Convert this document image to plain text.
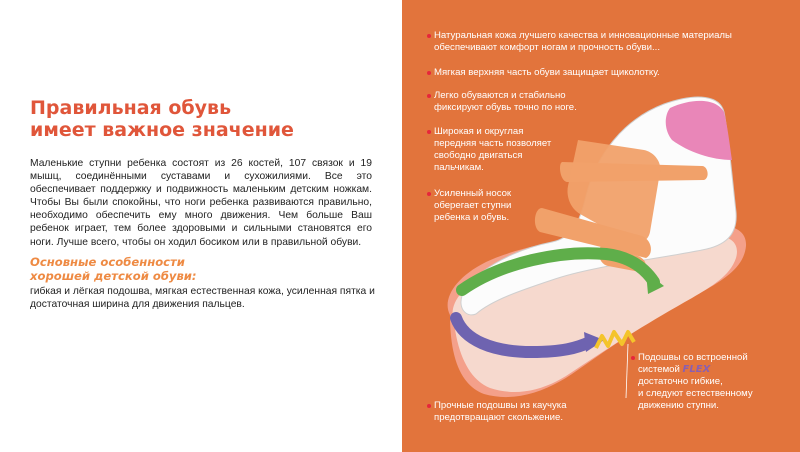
Правильная обувь
имеет важное значение

Маленькие ступни ребенка состоят из 26 костей, 107 связок и 19 мышц, соединёнными суставами и сухожилиями. Все это обеспечивает поддержку и подвижность маленьким детским ножкам. Чтобы Вы были спокойны, что ноги ребенка развиваются правильно, необходимо обеспечить ему много движения. Чем больше Ваш ребенок играет, тем более здоровыми и сильными становятся его ноги. Лучше всего, чтобы он ходил босиком или в правильной обуви.

Основные особенности
хорошей детской обуви:

гибкая и лёгкая подошва, мягкая естественная кожа, усиленная пятка и достаточная ширина для движения пальцев.

Натуральная кожа лучшего качества и инновационные материалы
обеспечивают комфорт ногам и прочность обуви...
Мягкая верхняя часть обуви защищает щиколотку.
Легко обуваются и стабильно
фиксируют обувь точно по ноге.
Широкая и округлая
передняя часть позволяет
свободно двигаться
пальчикам.
Усиленный носок
оберегает ступни
ребенка и обувь.
Подошвы со встроенной
системой FLEX
достаточно гибкие,
и следуют естественному
движению ступни.
Прочные подошвы из каучука
предотвращают скольжение.
